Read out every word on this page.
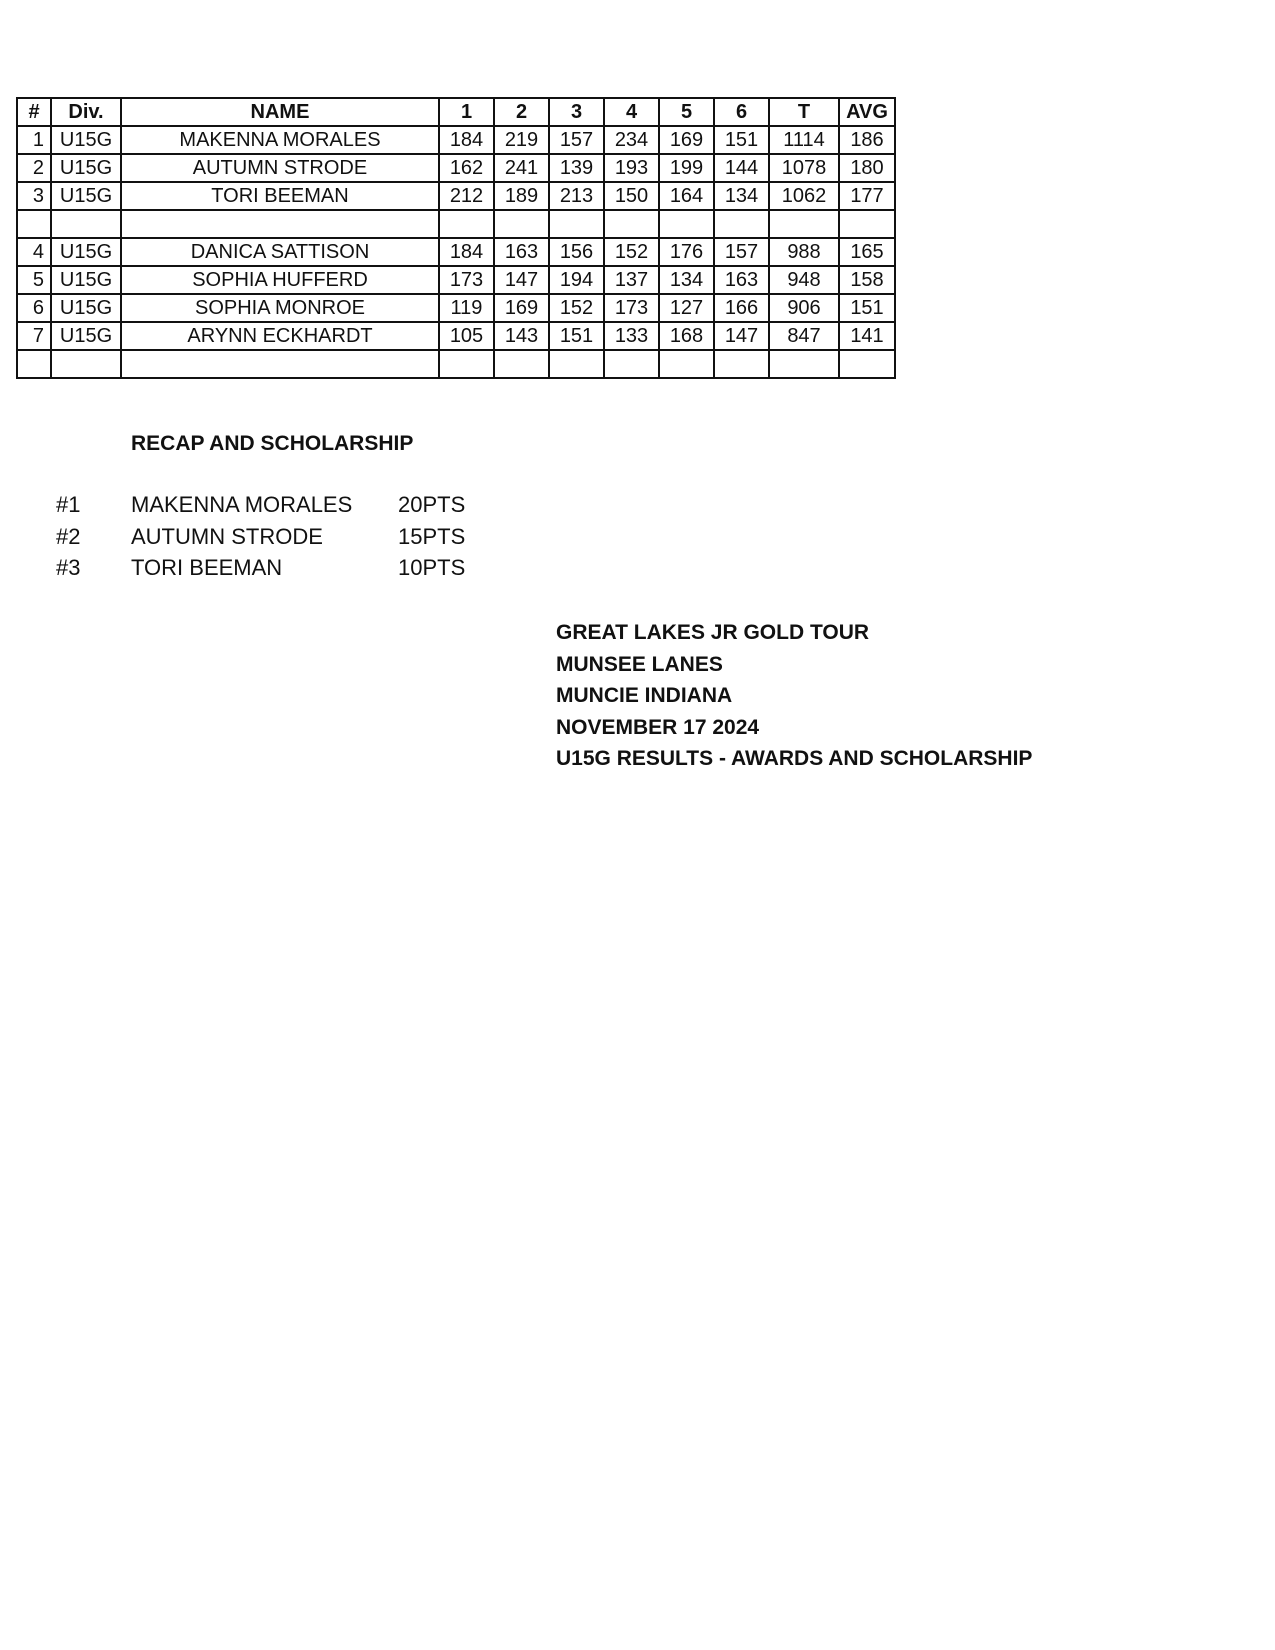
#	Div.	NAME	1	2	3	4	5	6	T	AVG
1	U15G	MAKENNA MORALES	184	219	157	234	169	151	1114	186
2	U15G	AUTUMN STRODE	162	241	139	193	199	144	1078	180
3	U15G	TORI BEEMAN	212	189	213	150	164	134	1062	177

4	U15G	DANICA SATTISON	184	163	156	152	176	157	988	165
5	U15G	SOPHIA HUFFERD	173	147	194	137	134	163	948	158
6	U15G	SOPHIA MONROE	119	169	152	173	127	166	906	151
7	U15G	ARYNN ECKHARDT	105	143	151	133	168	147	847	141

RECAP AND SCHOLARSHIP
#1 MAKENNA MORALES 20PTS
#2 AUTUMN STRODE	15PTS
#3 TORI BEEMAN	10PTS
GREAT LAKES JR GOLD TOUR
MUNSEE LANES
MUNCIE INDIANA
NOVEMBER 17 2024
U15G RESULTS - AWARDS AND SCHOLARSHIP
